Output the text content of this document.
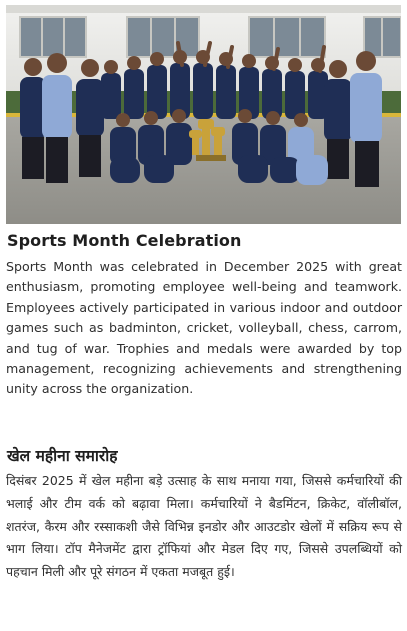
Sports Month Celebration
Sports Month was celebrated in December 2025 with great enthusiasm, promoting employee well-being and teamwork. Employees actively participated in various indoor and outdoor games such as badminton, cricket, volleyball, chess, carrom, and tug of war. Trophies and medals were awarded by top management, recognizing achievements and strengthening unity across the organization.
खेल महीना समारोह
दिसंबर 2025 में खेल महीना बड़े उत्साह के साथ मनाया गया, जिससे कर्मचारियों की भलाई और टीम वर्क को बढ़ावा मिला। कर्मचारियों ने बैडमिंटन, क्रिकेट, वॉलीबॉल, शतरंज, कैरम और रस्साकशी जैसे विभिन्न इनडोर और आउटडोर खेलों में सक्रिय रूप से भाग लिया। टॉप मैनेजमेंट द्वारा ट्रॉफियां और मेडल दिए गए, जिससे उपलब्धियों को पहचान मिली और पूरे संगठन में एकता मजबूत हुई।
